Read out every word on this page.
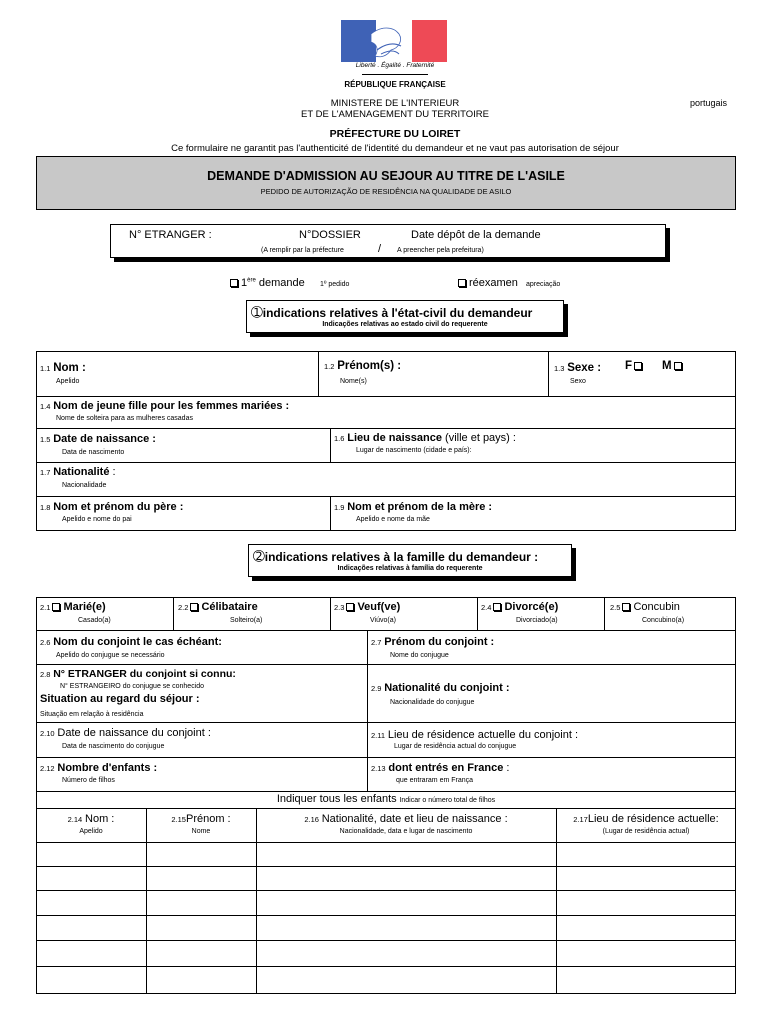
Liberté . Égalité . Fraternité
RÉPUBLIQUE FRANÇAISE
MINISTERE DE L'INTERIEUR
ET DE L'AMENAGEMENT DU TERRITOIRE
portugais
PRÉFECTURE DU LOIRET
Ce formulaire ne garantit pas l'authenticité de l'identité du demandeur et ne vaut pas autorisation de séjour
DEMANDE D'ADMISSION AU SEJOUR AU TITRE DE L'ASILE
PEDIDO DE AUTORIZAÇÃO DE RESIDÊNCIA NA QUALIDADE DE ASILO
N° ETRANGER :	N°DOSSIER	Date dépôt de la demande
(A remplir par la préfecture	/ A preencher pela prefeitura)
1ère demande 1º pedido	réexamen apreciação
➀indications relatives à l'état-civil du demandeur
Indicações relativas ao estado civil do requerente
1.1 Nom :
Apelido
1.2 Prénom(s) :
Nome(s)
1.3 Sexe : F	M
Sexo
1.4 Nom de jeune fille pour les femmes mariées :
Nome de solteira para as mulheres casadas
1.5 Date de naissance :
Data de nascimento
1.6 Lieu de naissance (ville et pays) :
Lugar de nascimento (cidade e país):
1.7 Nationalité :
Nacionalidade
1.8 Nom et prénom du père :
Apelido e nome do pai
1.9 Nom et prénom de la mère :
Apelido e nome da mãe
➁indications relatives à la famille du demandeur :
Indicações relativas à família do requerente
2.1 Marié(e)
Casado(a)
2.2 Célibataire
Solteiro(a)
2.3 Veuf(ve)
Viúvo(a)
2.4 Divorcé(e)
Divorciado(a)
2.5 Concubin
Concubino(a)
2.6 Nom du conjoint le cas échéant:
Apelido do conjugue se necessário
2.7 Prénom du conjoint :
Nome do conjugue
2.8 N° ETRANGER du conjoint si connu:
N° ESTRANGEIRO do conjugue se conhecido
Situation au regard du séjour :
Situação em relação à residência
2.9 Nationalité du conjoint :
Nacionalidade do conjugue
2.10 Date de naissance du conjoint :
Data de nascimento do conjugue
2.11 Lieu de résidence actuelle du conjoint :
Lugar de residência actual do conjugue
2.12 Nombre d'enfants :
Número de filhos
2.13 dont entrés en France :
que entraram em França
Indiquer tous les enfants Indicar o número total de filhos
2.14 Nom :
Apelido
2.15Prénom :
Nome
2.16 Nationalité, date et lieu de naissance :
Nacionalidade, data e lugar de nascimento
2.17Lieu de résidence actuelle:
(Lugar de residência actual)
